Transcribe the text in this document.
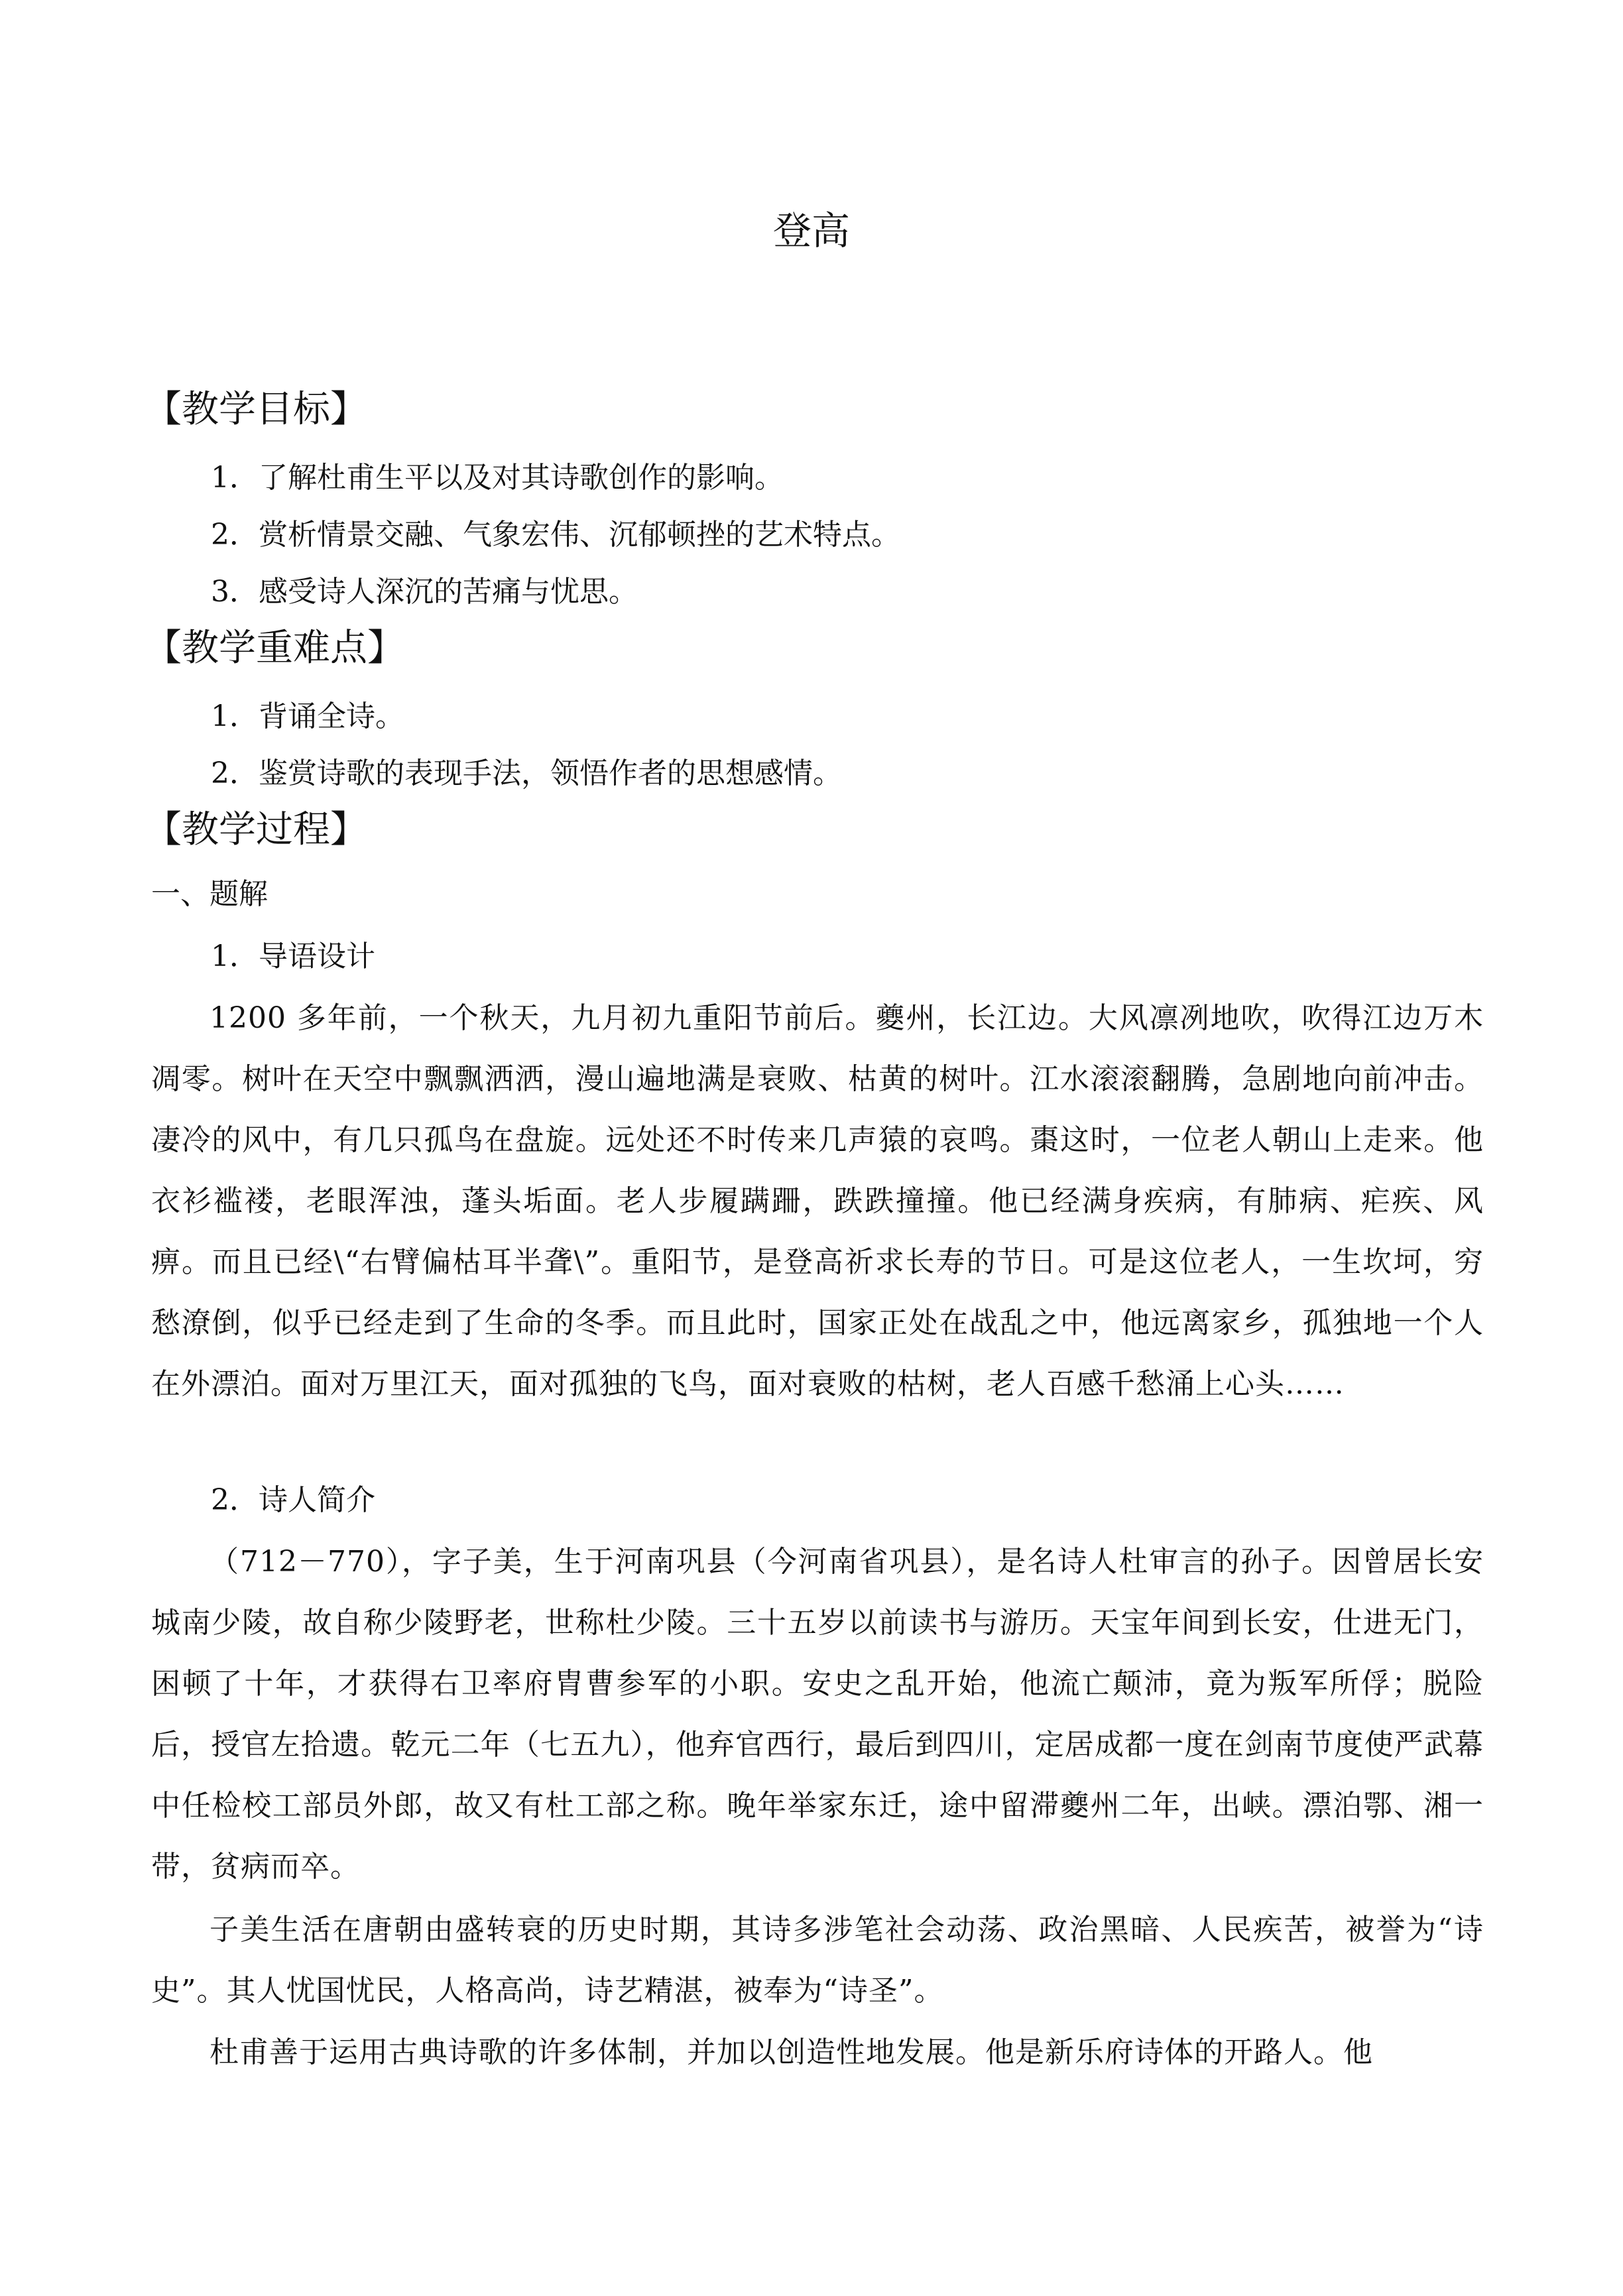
登高
【教学目标】
1．了解杜甫生平以及对其诗歌创作的影响。
2．赏析情景交融、气象宏伟、沉郁顿挫的艺术特点。
3．感受诗人深沉的苦痛与忧思。
【教学重难点】
1．背诵全诗。
2．鉴赏诗歌的表现手法，领悟作者的思想感情。
【教学过程】
一、题解
1．导语设计
1200 多年前，一个秋天，九月初九重阳节前后。夔州，长江边。大风凛冽地吹，吹得江边万木凋零。树叶在天空中飘飘洒洒，漫山遍地满是衰败、枯黄的树叶。江水滚滚翻腾，急剧地向前冲击。凄冷的风中，有几只孤鸟在盘旋。远处还不时传来几声猿的哀鸣。棗这时，一位老人朝山上走来。他衣衫褴褛，老眼浑浊，蓬头垢面。老人步履蹒跚，跌跌撞撞。他已经满身疾病，有肺病、疟疾、风痹。而且已经\“右臂偏枯耳半聋\”。重阳节，是登高祈求长寿的节日。可是这位老人，一生坎坷，穷愁潦倒，似乎已经走到了生命的冬季。而且此时，国家正处在战乱之中，他远离家乡，孤独地一个人在外漂泊。面对万里江天，面对孤独的飞鸟，面对衰败的枯树，老人百感千愁涌上心头……
2．诗人简介
（712－770），字子美，生于河南巩县（今河南省巩县），是名诗人杜审言的孙子。因曾居长安城南少陵，故自称少陵野老，世称杜少陵。三十五岁以前读书与游历。天宝年间到长安，仕进无门，困顿了十年，才获得右卫率府胄曹参军的小职。安史之乱开始，他流亡颠沛，竟为叛军所俘；脱险后，授官左拾遗。乾元二年（七五九），他弃官西行，最后到四川，定居成都一度在剑南节度使严武幕中任检校工部员外郎，故又有杜工部之称。晚年举家东迁，途中留滞夔州二年，出峡。漂泊鄂、湘一带，贫病而卒。
子美生活在唐朝由盛转衰的历史时期，其诗多涉笔社会动荡、政治黑暗、人民疾苦，被誉为“诗史”。其人忧国忧民，人格高尚，诗艺精湛，被奉为“诗圣”。
杜甫善于运用古典诗歌的许多体制，并加以创造性地发展。他是新乐府诗体的开路人。他
